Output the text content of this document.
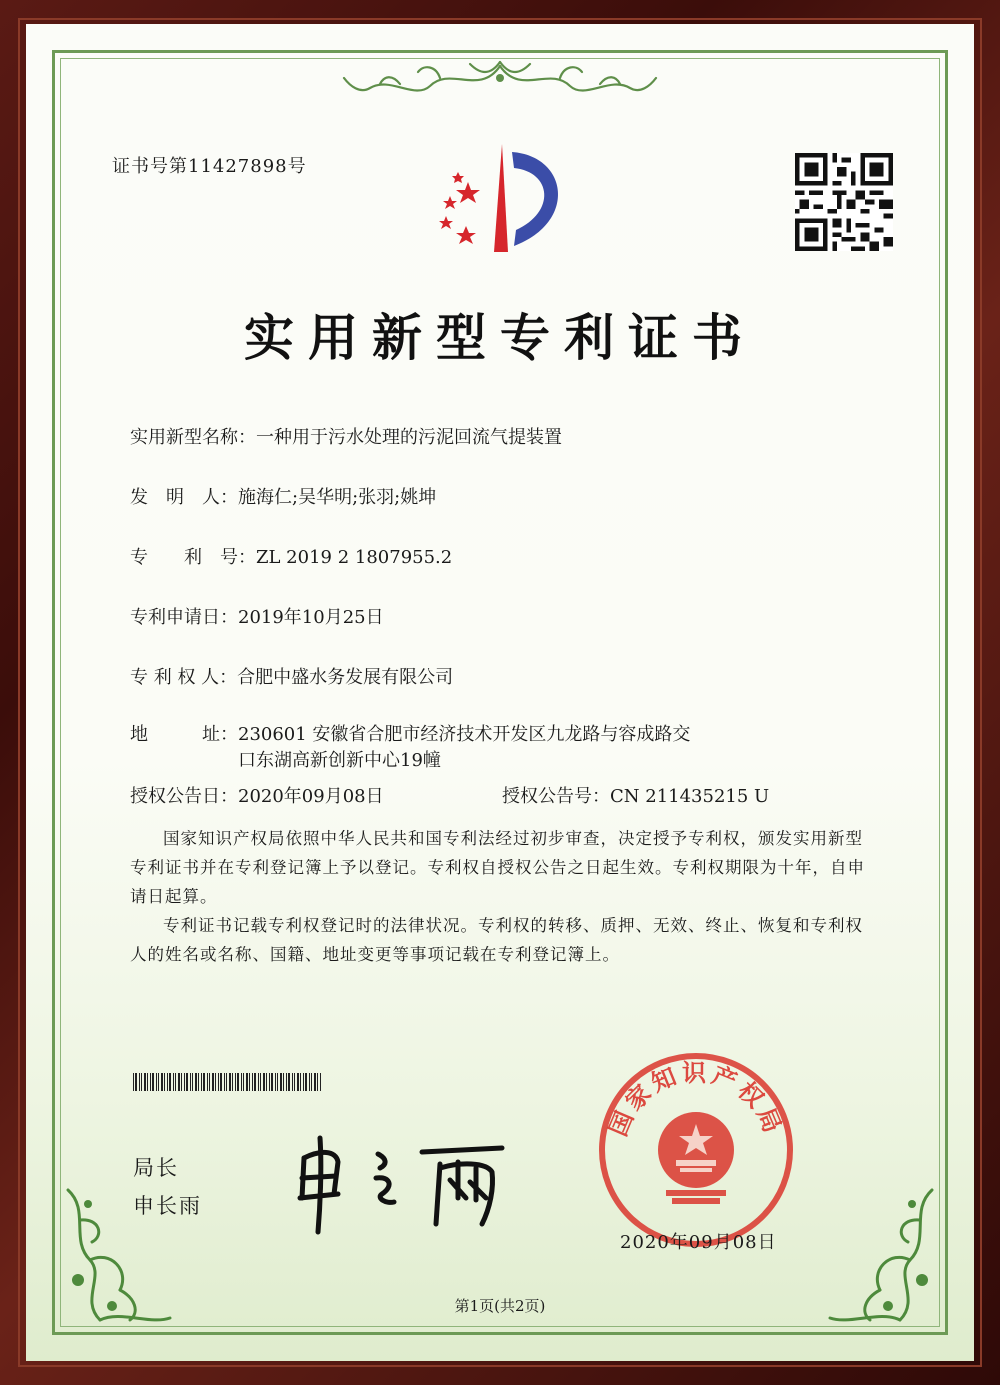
证书号第11427898号
实用新型专利证书
实用新型名称：一种用于污水处理的污泥回流气提装置
发　明　人：施海仁;吴华明;张羽;姚坤
专　　利　号：ZL 2019 2 1807955.2
专利申请日：2019年10月25日
专 利 权 人：合肥中盛水务发展有限公司
地　　　址：230601 安徽省合肥市经济技术开发区九龙路与容成路交
口东湖高新创新中心19幢
授权公告日：2020年09月08日	授权公告号：CN 211435215 U
国家知识产权局依照中华人民共和国专利法经过初步审查，决定授予专利权，颁发实用新型专利证书并在专利登记簿上予以登记。专利权自授权公告之日起生效。专利权期限为十年，自申请日起算。
专利证书记载专利权登记时的法律状况。专利权的转移、质押、无效、终止、恢复和专利权人的姓名或名称、国籍、地址变更等事项记载在专利登记簿上。
局长
申长雨
国家知识产权局
2020年09月08日
第1页(共2页)
